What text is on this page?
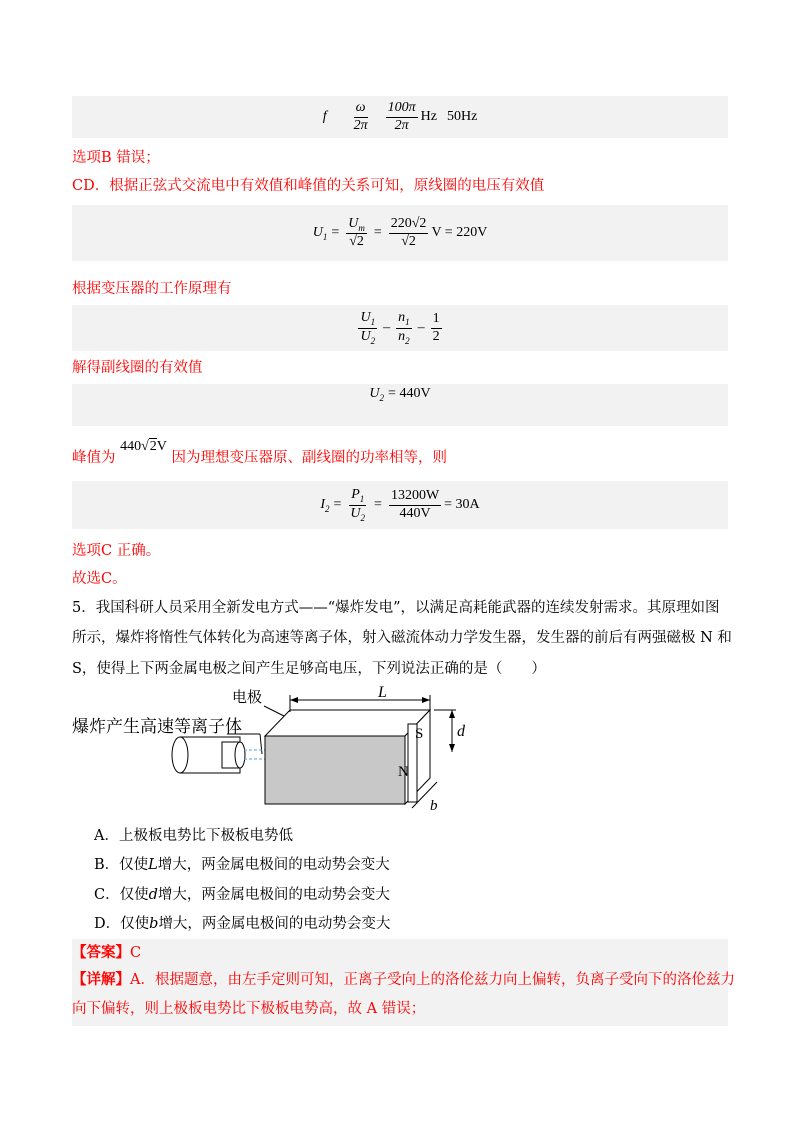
f $\frac{\omega}{2\pi} \frac{100\pi}{2\pi}$ Hz 50Hz
选项B 错误；
CD．根据正弦式交流电中有效值和峰值的关系可知，原线圈的电压有效值
$U_1 = \frac{U_m}{√2} = \frac{220√2}{√2}$ V = 220V
根据变压器的工作原理有
$\frac{U_1}{U_2} - \frac{n_1}{n_2} - \frac{1}{2}$
解得副线圈的有效值
$U_2 = 440V$
峰值为 440√2V 因为理想变压器原、副线圈的功率相等，则
$I_2 = \frac{P_1}{U_2} = \frac{13200W}{440V} = 30A$
选项C 正确。
故选C。
5．我国科研人员采用全新发电方式——“爆炸发电”，以满足高耗能武器的连续发射需求。其原理如图
所示，爆炸将惰性气体转化为高速等离子体，射入磁流体动力学发生器，发生器的前后有两强磁极 N 和
S，使得上下两金属电极之间产生足够高电压，下列说法正确的是（　　）
电极
爆炸产生高速等离子体	S
N
L
d
b
A．上极板电势比下极板电势低
B．仅使L增大，两金属电极间的电动势会变大
C．仅使d增大，两金属电极间的电动势会变大
D．仅使b增大，两金属电极间的电动势会变大
【答案】C
【详解】A．根据题意，由左手定则可知，正离子受向上的洛伦兹力向上偏转，负离子受向下的洛伦兹力
向下偏转，则上极板电势比下极板电势高，故 A 错误；
